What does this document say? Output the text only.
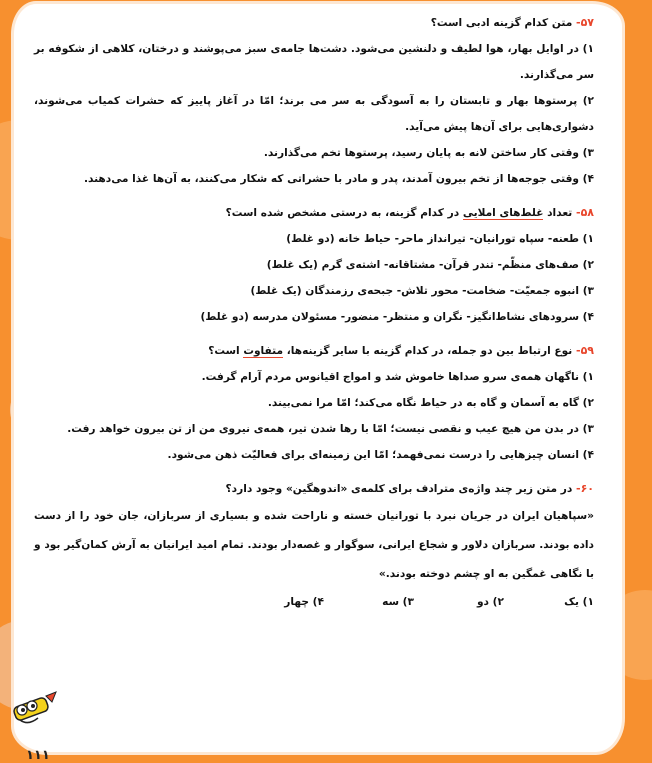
۵۷- متن کدام گزینه ادبی است؟
۱) در اوایل بهار، هوا لطیف و دلنشین می‌شود. دشت‌ها جامه‌ی سبز می‌پوشند و درختان، کلاهی از شکوفه بر سر می‌گذارند.
۲) پرستوها بهار و تابستان را به آسودگی به سر می برند؛ امّا در آغاز پاییز که حشرات کمیاب می‌شوند، دشواری‌هایی برای آن‌ها پیش می‌آید.
۳) وقتی کار ساختن لانه به پایان رسید، پرستوها تخم می‌گذارند.
۴) وقتی جوجه‌ها از تخم بیرون آمدند، پدر و مادر با حشراتی که شکار می‌کنند، به آن‌ها غذا می‌دهند.
۵۸- تعداد غلط‌های املایی در کدام گزینه، به درستی مشخص شده است؟
۱) طعنه- سپاه تورانیان- تیرانداز ماحر- حیاط خانه (دو غلط)
۲) صف‌های منظّم- تندر قرآن- مشتاقانه- اشته‌ی گرم (یک غلط)
۳) انبوه جمعیّت- ضخامت- محور تلاش- جبحه‌ی رزمندگان (یک غلط)
۴) سرودهای نشاط‌انگیز- نگران و منتظر- منضور- مسئولان مدرسه (دو غلط)
۵۹- نوع ارتباط بین دو جمله، در کدام گزینه با سایر گزینه‌ها، متفاوت است؟
۱) ناگهان همه‌ی سرو صداها خاموش شد و امواج اقیانوس مردم آرام گرفت.
۲) گاه به آسمان و گاه به در حیاط نگاه می‌کند؛ امّا مرا نمی‌بیند.
۳) در بدن من هیچ عیب و نقصی نیست؛ امّا با رها شدن تیر، همه‌ی نیروی من از تن بیرون خواهد رفت.
۴) انسان چیزهایی را درست نمی‌فهمد؛ امّا این زمینه‌ای برای فعالیّت ذهن می‌شود.
۶۰- در متن زیر چند واژه‌ی مترادف برای کلمه‌ی «اندوهگین» وجود دارد؟
«سپاهیان ایران در جریان نبرد با تورانیان خسته و ناراحت شده و بسیاری از سربازان، جان خود را از دست داده بودند. سربازان دلاور و شجاع ایرانی، سوگوار و غصه‌دار بودند. تمام امید ایرانیان به آرش کمان‌گیر بود و با نگاهی غمگین به او چشم دوخته بودند.»
۱) یک
۲) دو
۳) سه
۴) چهار
۱۱۱
